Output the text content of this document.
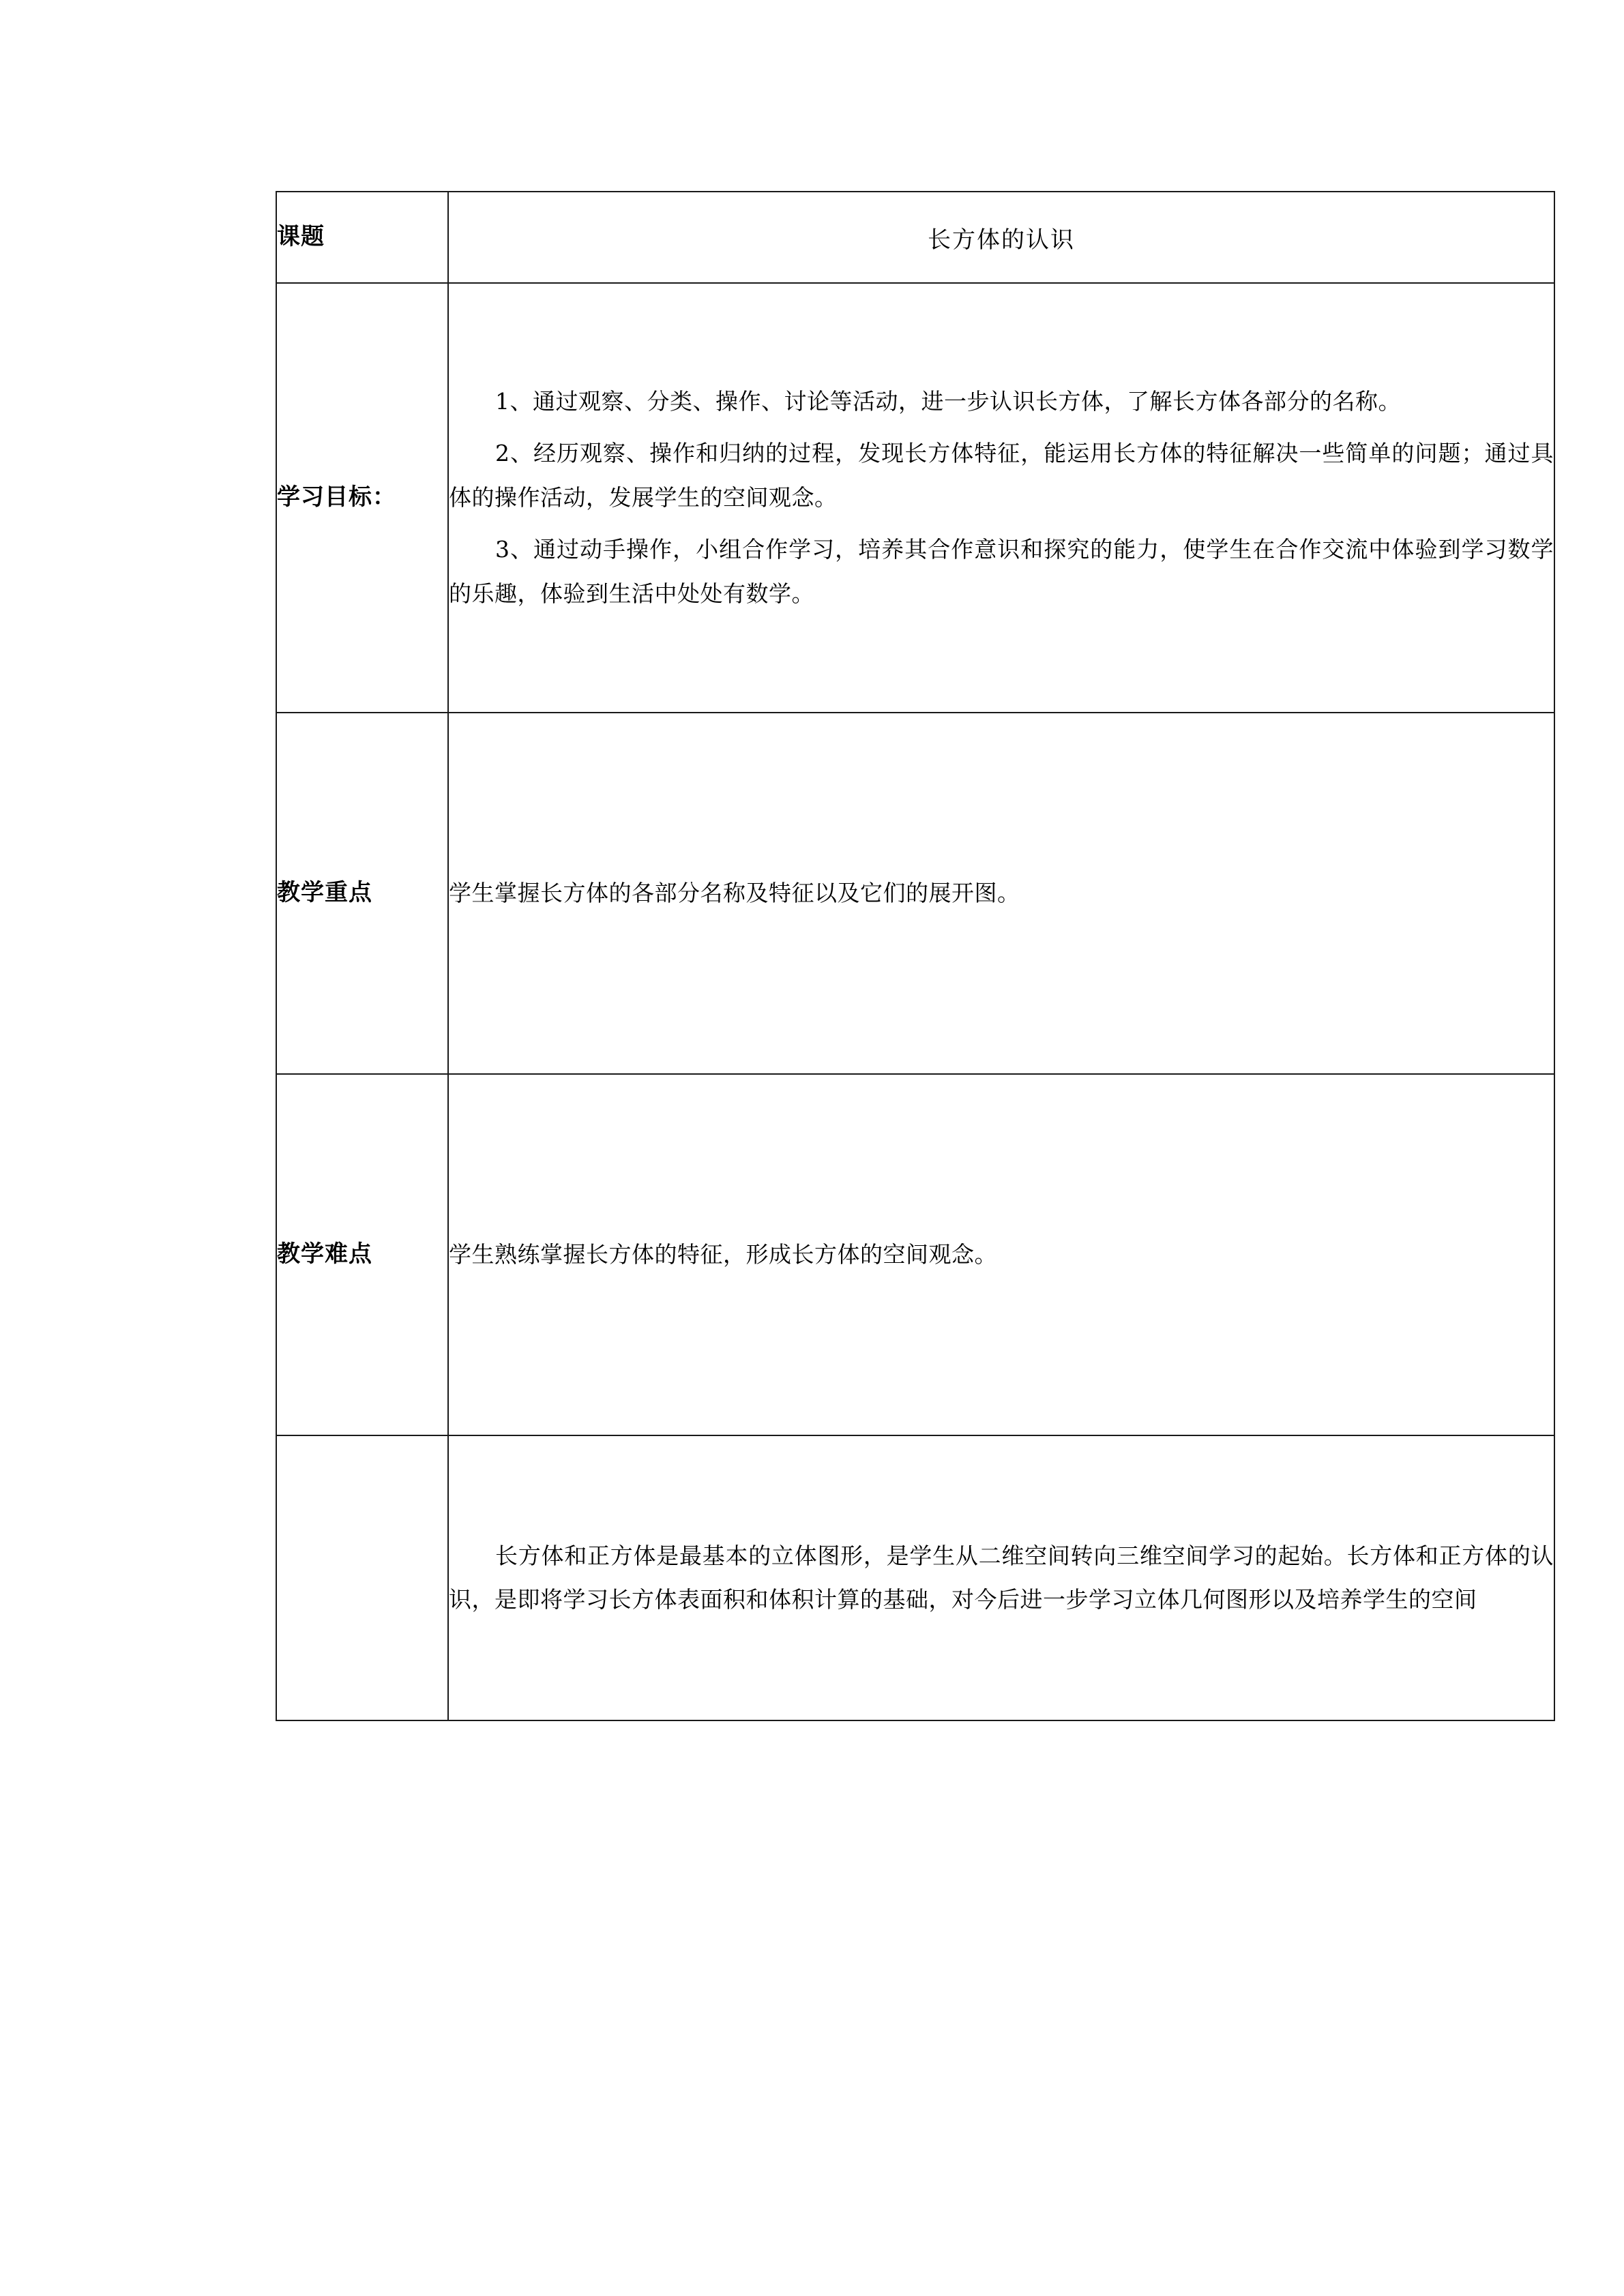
课题	长方体的认识
学习目标：	1、通过观察、分类、操作、讨论等活动，进一步认识长方体，了解长方体各部分的名称。

2、经历观察、操作和归纳的过程，发现长方体特征，能运用长方体的特征解决一些简单的问题；通过具体的操作活动，发展学生的空间观念。

3、通过动手操作，小组合作学习，培养其合作意识和探究的能力，使学生在合作交流中体验到学习数学的乐趣，体验到生活中处处有数学。

教学重点	学生掌握长方体的各部分名称及特征以及它们的展开图。

教学难点	学生熟练掌握长方体的特征，形成长方体的空间观念。

	长方体和正方体是最基本的立体图形，是学生从二维空间转向三维空间学习的起始。长方体和正方体的认识，是即将学习长方体表面积和体积计算的基础，对今后进一步学习立体几何图形以及培养学生的空间
